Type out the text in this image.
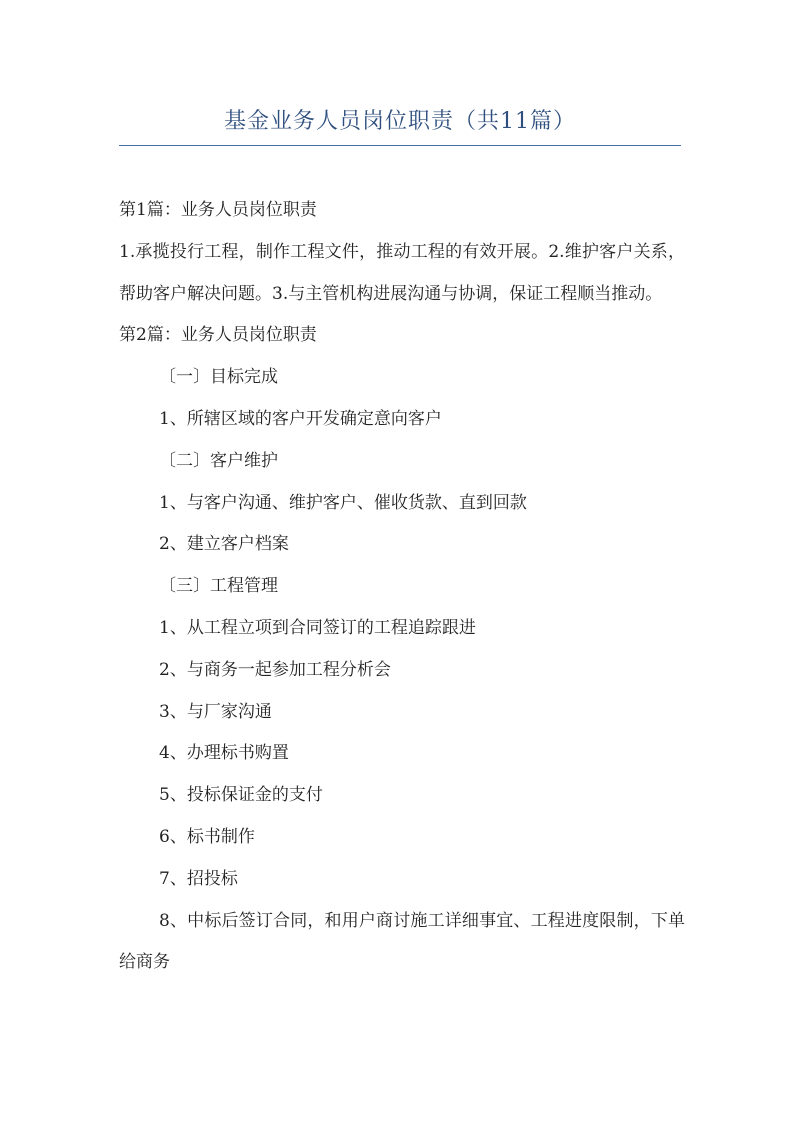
基金业务人员岗位职责（共11篇）

第1篇：业务人员岗位职责

1.承揽投行工程，制作工程文件，推动工程的有效开展。2.维护客户关系，帮助客户解决问题。3.与主管机构进展沟通与协调，保证工程顺当推动。

第2篇：业务人员岗位职责

〔一〕目标完成

1、所辖区域的客户开发确定意向客户

〔二〕客户维护

1、与客户沟通、维护客户、催收货款、直到回款

2、建立客户档案

〔三〕工程管理

1、从工程立项到合同签订的工程追踪跟进

2、与商务一起参加工程分析会

3、与厂家沟通

4、办理标书购置

5、投标保证金的支付

6、标书制作

7、招投标

8、中标后签订合同，和用户商讨施工详细事宜、工程进度限制，下单给商务
